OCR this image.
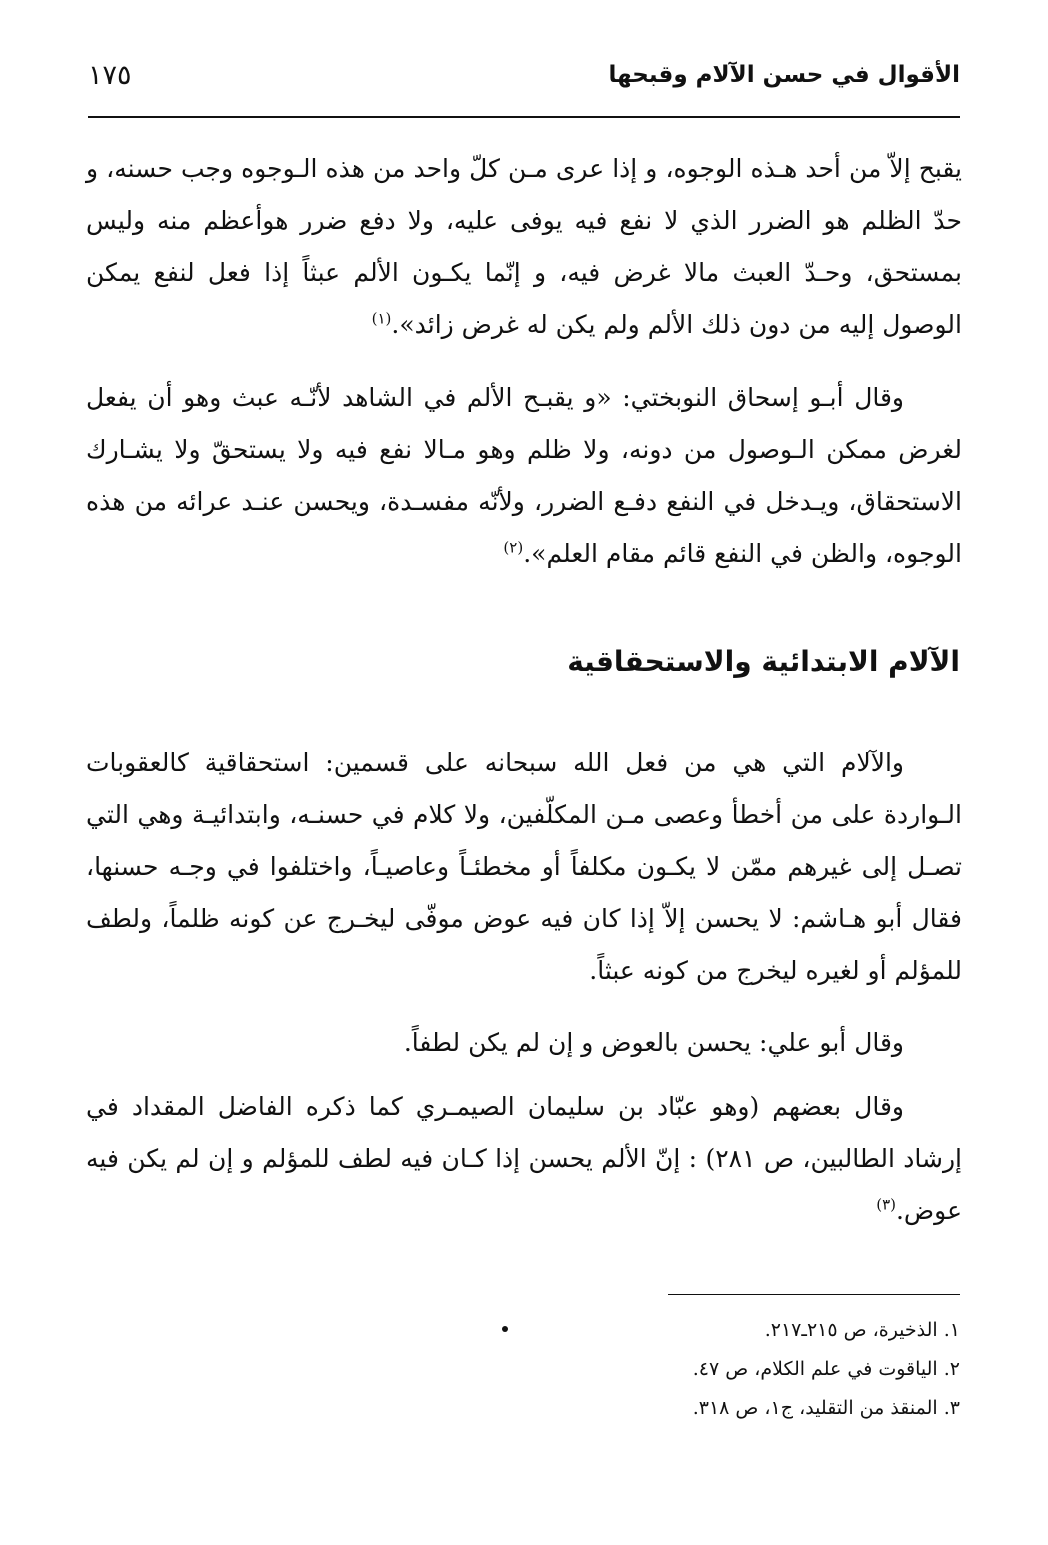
الأقوال في حسن الآلام وقبحها
١٧٥

يقبح إلاّ من أحد هـذه الوجوه، و إذا عرى مـن كلّ واحد من هذه الـوجوه وجب حسنه، و حدّ الظلم هو الضرر الذي لا نفع فيه يوفى عليه، ولا دفع ضرر هوأعظم منه وليس بمستحق، وحـدّ العبث مالا غرض فيه، و إنّما يكـون الألم عبثاً إذا فعل لنفع يمكن الوصول إليه من دون ذلك الألم ولم يكن له غرض زائد».$^{(١)}$

وقال أبـو إسحاق النوبختي: «و يقبـح الألم في الشاهد لأنّـه عبث وهو أن يفعل لغرض ممكن الـوصول من دونه، ولا ظلم وهو مـالا نفع فيه ولا يستحقّ ولا يشـارك الاستحقاق، ويـدخل في النفع دفـع الضرر، ولأنّه مفسـدة، ويحسن عنـد عرائه من هذه الوجوه، والظن في النفع قائم مقام العلم».$^{(٢)}$

الآلام الابتدائية والاستحقاقية

والآلام التي هي من فعل الله سبحانه على قسمين: استحقاقية كالعقوبات الـواردة على من أخطأ وعصى مـن المكلّفين، ولا كلام في حسنـه، وابتدائيـة وهي التي تصـل إلى غيرهم ممّن لا يكـون مكلفاً أو مخطئـاً وعاصيـاً، واختلفوا في وجـه حسنها، فقال أبو هـاشم: لا يحسن إلاّ إذا كان فيه عوض موفّى ليخـرج عن كونه ظلماً، ولطف للمؤلم أو لغيره ليخرج من كونه عبثاً.

وقال أبو علي: يحسن بالعوض و إن لم يكن لطفاً.

وقال بعضهم (وهو عبّاد بن سليمان الصيمـري كما ذكره الفاضل المقداد في إرشاد الطالبين، ص ٢٨١) : إنّ الألم يحسن إذا كـان فيه لطف للمؤلم و إن لم يكن فيه عوض.$^{(٣)}$

١. الذخيرة، ص ٢١٥ـ٢١٧.
٢. الياقوت في علم الكلام، ص ٤٧.
٣. المنقذ من التقليد، ج١، ص ٣١٨.
